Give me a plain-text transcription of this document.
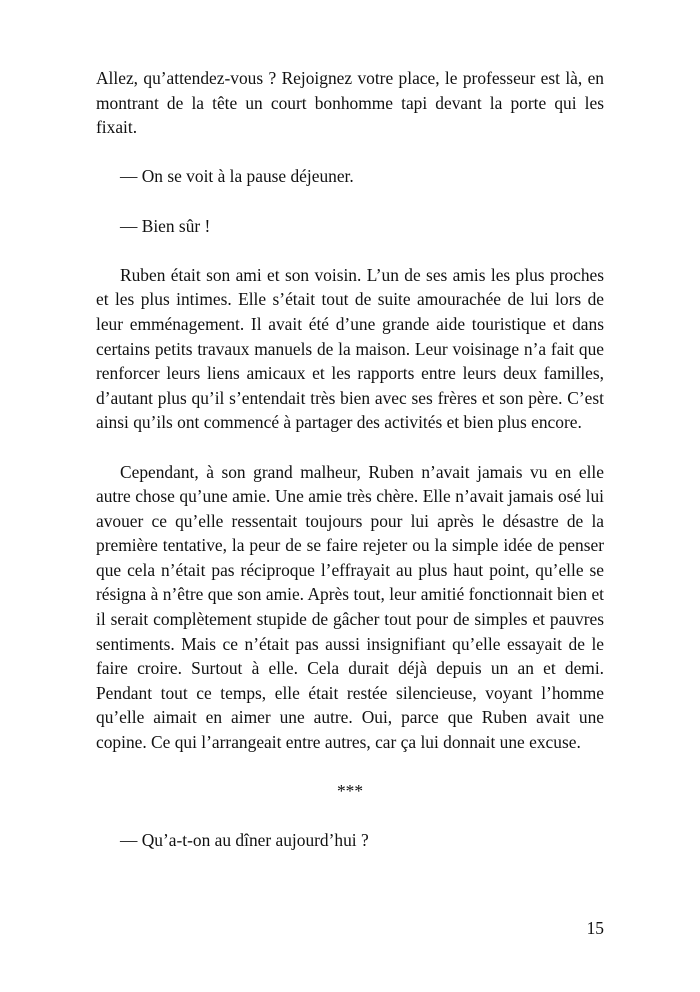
Allez, qu’attendez-vous ? Rejoignez votre place, le professeur est là, en montrant de la tête un court bonhomme tapi devant la porte qui les fixait.

— On se voit à la pause déjeuner.

— Bien sûr !

Ruben était son ami et son voisin. L’un de ses amis les plus proches et les plus intimes. Elle s’était tout de suite amourachée de lui lors de leur emménagement. Il avait été d’une grande aide touristique et dans certains petits travaux manuels de la maison. Leur voisinage n’a fait que renforcer leurs liens amicaux et les rapports entre leurs deux familles, d’autant plus qu’il s’entendait très bien avec ses frères et son père. C’est ainsi qu’ils ont commencé à partager des activités et bien plus encore.

Cependant, à son grand malheur, Ruben n’avait jamais vu en elle autre chose qu’une amie. Une amie très chère. Elle n’avait jamais osé lui avouer ce qu’elle ressentait toujours pour lui après le désastre de la première tentative, la peur de se faire rejeter ou la simple idée de penser que cela n’était pas réciproque l’effrayait au plus haut point, qu’elle se résigna à n’être que son amie. Après tout, leur amitié fonctionnait bien et il serait complètement stupide de gâcher tout pour de simples et pauvres sentiments. Mais ce n’était pas aussi insignifiant qu’elle essayait de le faire croire. Surtout à elle. Cela durait déjà depuis un an et demi. Pendant tout ce temps, elle était restée silencieuse, voyant l’homme qu’elle aimait en aimer une autre. Oui, parce que Ruben avait une copine. Ce qui l’arrangeait entre autres, car ça lui donnait une excuse.

***

— Qu’a-t-on au dîner aujourd’hui ?

15
